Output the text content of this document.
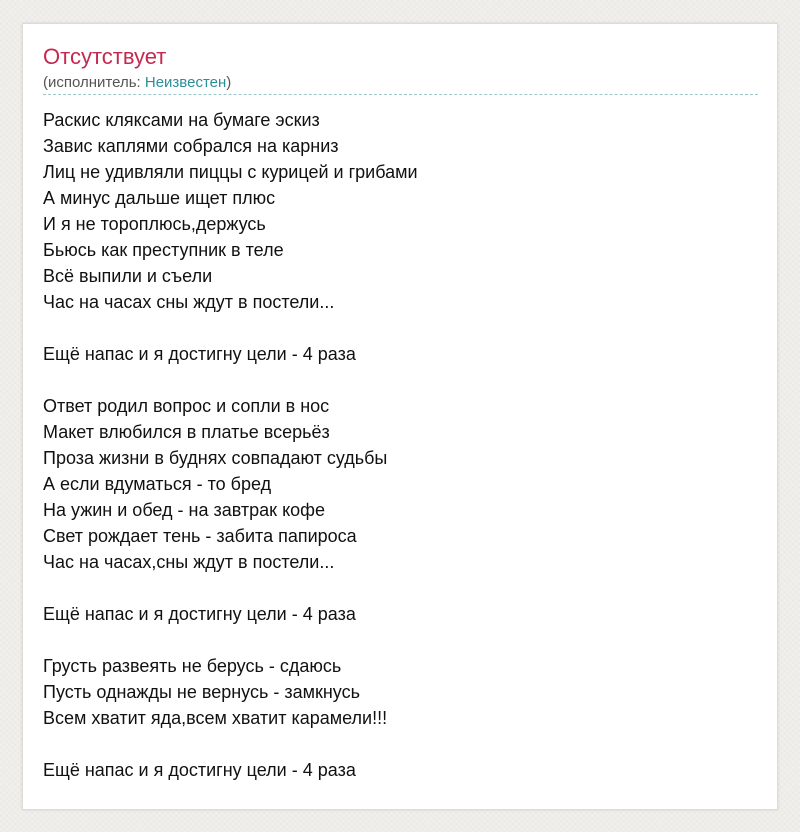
Отсутствует
(исполнитель: Неизвестен)
Раскис кляксами на бумаге эскиз
Завис каплями собрался на карниз
Лиц не удивляли пиццы с курицей и грибами
А минус дальше ищет плюс
И я не тороплюсь,держусь
Бьюсь как преступник в теле
Всё выпили и съели
Час на часах сны ждут в постели...
Ещё напас и я достигну цели - 4 раза
Ответ родил вопрос и сопли в нос
Макет влюбился в платье всерьёз
Проза жизни в буднях совпадают судьбы
А если вдуматься - то бред
На ужин и обед - на завтрак кофе
Свет рождает тень - забита папироса
Час на часах,сны ждут в постели...
Ещё напас и я достигну цели - 4 раза
Грусть развеять не берусь - сдаюсь
Пусть однажды не вернусь - замкнусь
Всем хватит яда,всем хватит карамели!!!
Ещё напас и я достигну цели - 4 раза
